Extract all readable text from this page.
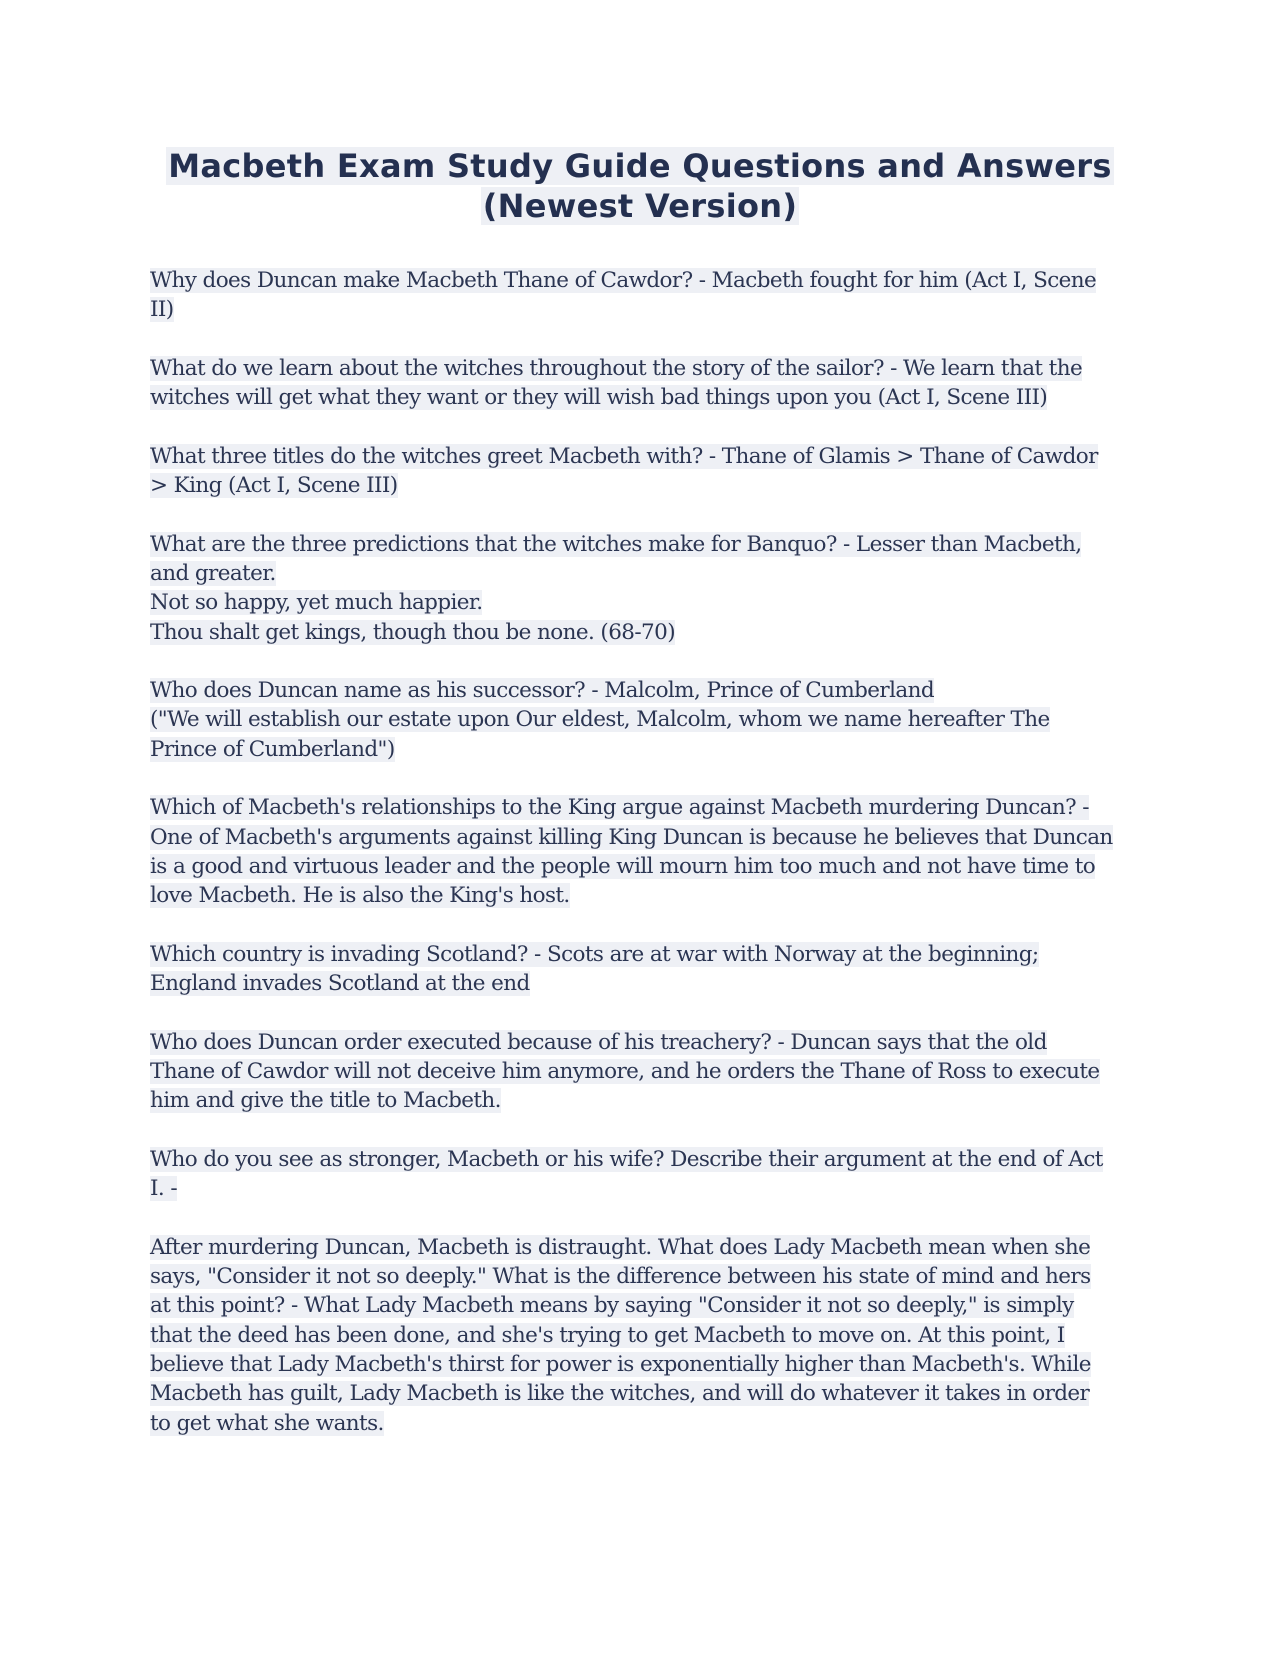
Macbeth Exam Study Guide Questions and Answers
(Newest Version)
Why does Duncan make Macbeth Thane of Cawdor? - Macbeth fought for him (Act I, Scene
II)
What do we learn about the witches throughout the story of the sailor? - We learn that the
witches will get what they want or they will wish bad things upon you (Act I, Scene III)
What three titles do the witches greet Macbeth with? - Thane of Glamis > Thane of Cawdor
> King (Act I, Scene III)
What are the three predictions that the witches make for Banquo? - Lesser than Macbeth,
and greater.
Not so happy, yet much happier.
Thou shalt get kings, though thou be none. (68-70)
Who does Duncan name as his successor? - Malcolm, Prince of Cumberland
("We will establish our estate upon Our eldest, Malcolm, whom we name hereafter The
Prince of Cumberland")
Which of Macbeth's relationships to the King argue against Macbeth murdering Duncan? -
One of Macbeth's arguments against killing King Duncan is because he believes that Duncan
is a good and virtuous leader and the people will mourn him too much and not have time to
love Macbeth. He is also the King's host.
Which country is invading Scotland? - Scots are at war with Norway at the beginning;
England invades Scotland at the end
Who does Duncan order executed because of his treachery? - Duncan says that the old
Thane of Cawdor will not deceive him anymore, and he orders the Thane of Ross to execute
him and give the title to Macbeth.
Who do you see as stronger, Macbeth or his wife? Describe their argument at the end of Act
I. -
After murdering Duncan, Macbeth is distraught. What does Lady Macbeth mean when she
says, "Consider it not so deeply." What is the difference between his state of mind and hers
at this point? - What Lady Macbeth means by saying "Consider it not so deeply," is simply
that the deed has been done, and she's trying to get Macbeth to move on. At this point, I
believe that Lady Macbeth's thirst for power is exponentially higher than Macbeth's. While
Macbeth has guilt, Lady Macbeth is like the witches, and will do whatever it takes in order
to get what she wants.
